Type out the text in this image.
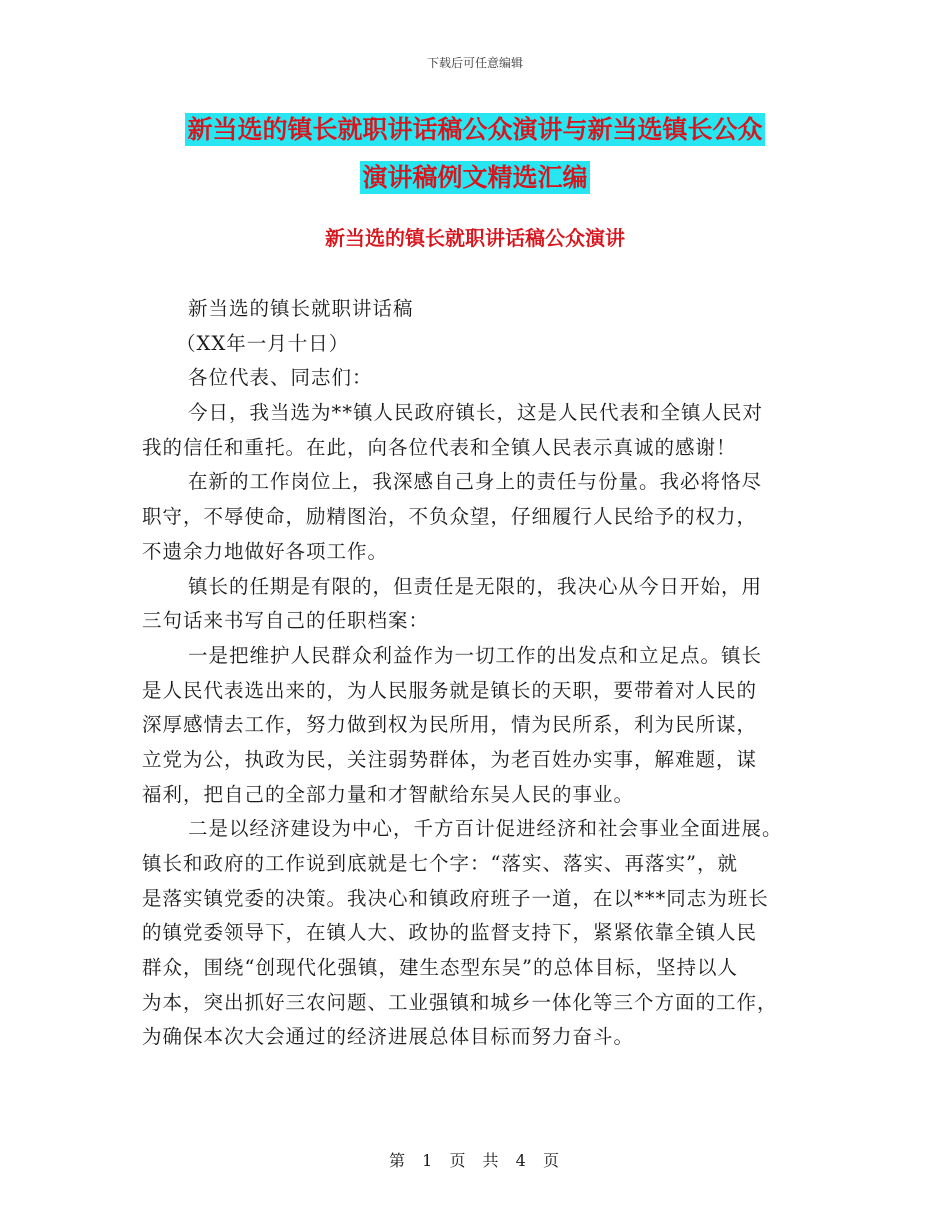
下载后可任意编辑
新当选的镇长就职讲话稿公众演讲与新当选镇长公众
演讲稿例文精选汇编
新当选的镇长就职讲话稿公众演讲
新当选的镇长就职讲话稿
（XX年一月十日）
各位代表、同志们：
今日，我当选为**镇人民政府镇长，这是人民代表和全镇人民对
我的信任和重托。在此，向各位代表和全镇人民表示真诚的感谢！
在新的工作岗位上，我深感自己身上的责任与份量。我必将恪尽
职守，不辱使命，励精图治，不负众望，仔细履行人民给予的权力，
不遗余力地做好各项工作。
镇长的任期是有限的，但责任是无限的，我决心从今日开始，用
三句话来书写自己的任职档案：
一是把维护人民群众利益作为一切工作的出发点和立足点。镇长
是人民代表选出来的，为人民服务就是镇长的天职，要带着对人民的
深厚感情去工作，努力做到权为民所用，情为民所系，利为民所谋，
立党为公，执政为民，关注弱势群体，为老百姓办实事，解难题，谋
福利，把自己的全部力量和才智献给东吴人民的事业。
二是以经济建设为中心，千方百计促进经济和社会事业全面进展。
镇长和政府的工作说到底就是七个字：“落实、落实、再落实”，就
是落实镇党委的决策。我决心和镇政府班子一道，在以***同志为班长
的镇党委领导下，在镇人大、政协的监督支持下，紧紧依靠全镇人民
群众，围绕“创现代化强镇，建生态型东吴”的总体目标，坚持以人
为本，突出抓好三农问题、工业强镇和城乡一体化等三个方面的工作，
为确保本次大会通过的经济进展总体目标而努力奋斗。
第 1 页 共 4 页
